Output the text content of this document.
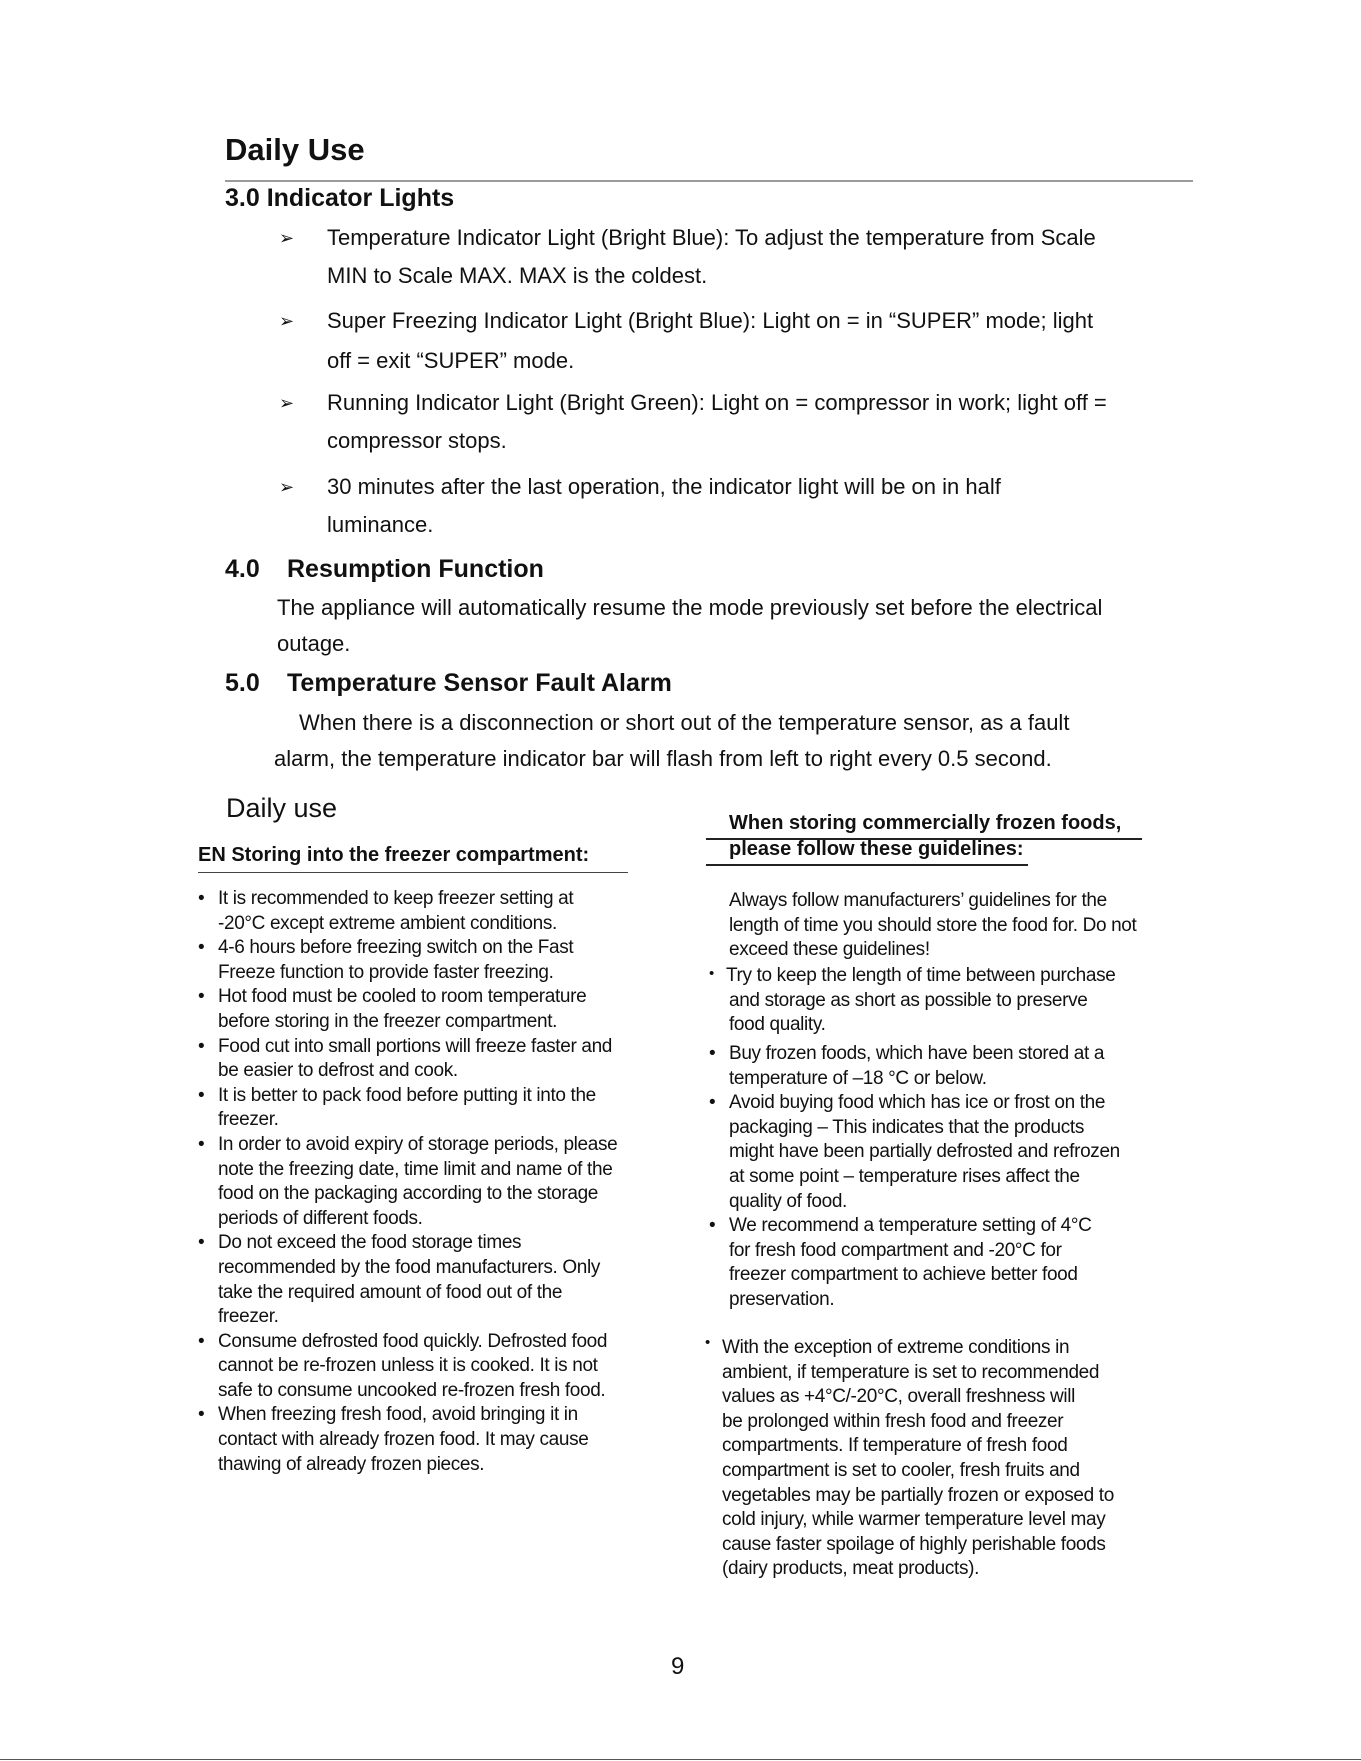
Daily Use
3.0 Indicator Lights
➢ Temperature Indicator Light (Bright Blue): To adjust the temperature from Scale
MIN to Scale MAX. MAX is the coldest.
➢ Super Freezing Indicator Light (Bright Blue): Light on = in “SUPER” mode; light
off = exit “SUPER” mode.
➢ Running Indicator Light (Bright Green): Light on = compressor in work; light off =
compressor stops.
➢ 30 minutes after the last operation, the indicator light will be on in half
luminance.
4.0 Resumption Function
The appliance will automatically resume the mode previously set before the electrical
outage.
5.0 Temperature Sensor Fault Alarm
When there is a disconnection or short out of the temperature sensor, as a fault
alarm, the temperature indicator bar will flash from left to right every 0.5 second.
Daily use
EN Storing into the freezer compartment:
• It is recommended to keep freezer setting at
-20°C except extreme ambient conditions.
• 4-6 hours before freezing switch on the Fast
Freeze function to provide faster freezing.
• Hot food must be cooled to room temperature
before storing in the freezer compartment.
• Food cut into small portions will freeze faster and
be easier to defrost and cook.
• It is better to pack food before putting it into the
freezer.
• In order to avoid expiry of storage periods, please
note the freezing date, time limit and name of the
food on the packaging according to the storage
periods of different foods.
• Do not exceed the food storage times
recommended by the food manufacturers. Only
take the required amount of food out of the
freezer.
• Consume defrosted food quickly. Defrosted food
cannot be re-frozen unless it is cooked. It is not
safe to consume uncooked re-frozen fresh food.
• When freezing fresh food, avoid bringing it in
contact with already frozen food. It may cause
thawing of already frozen pieces.
When storing commercially frozen foods,
please follow these guidelines:
Always follow manufacturers’ guidelines for the
length of time you should store the food for. Do not
exceed these guidelines!
• Try to keep the length of time between purchase
and storage as short as possible to preserve
food quality.
• Buy frozen foods, which have been stored at a
temperature of –18 °C or below.
• Avoid buying food which has ice or frost on the
packaging – This indicates that the products
might have been partially defrosted and refrozen
at some point – temperature rises affect the
quality of food.
• We recommend a temperature setting of 4°C
for fresh food compartment and -20°C for
freezer compartment to achieve better food
preservation.
• With the exception of extreme conditions in
ambient, if temperature is set to recommended
values as +4°C/-20°C, overall freshness will
be prolonged within fresh food and freezer
compartments. If temperature of fresh food
compartment is set to cooler, fresh fruits and
vegetables may be partially frozen or exposed to
cold injury, while warmer temperature level may
cause faster spoilage of highly perishable foods
(dairy products, meat products).
9
